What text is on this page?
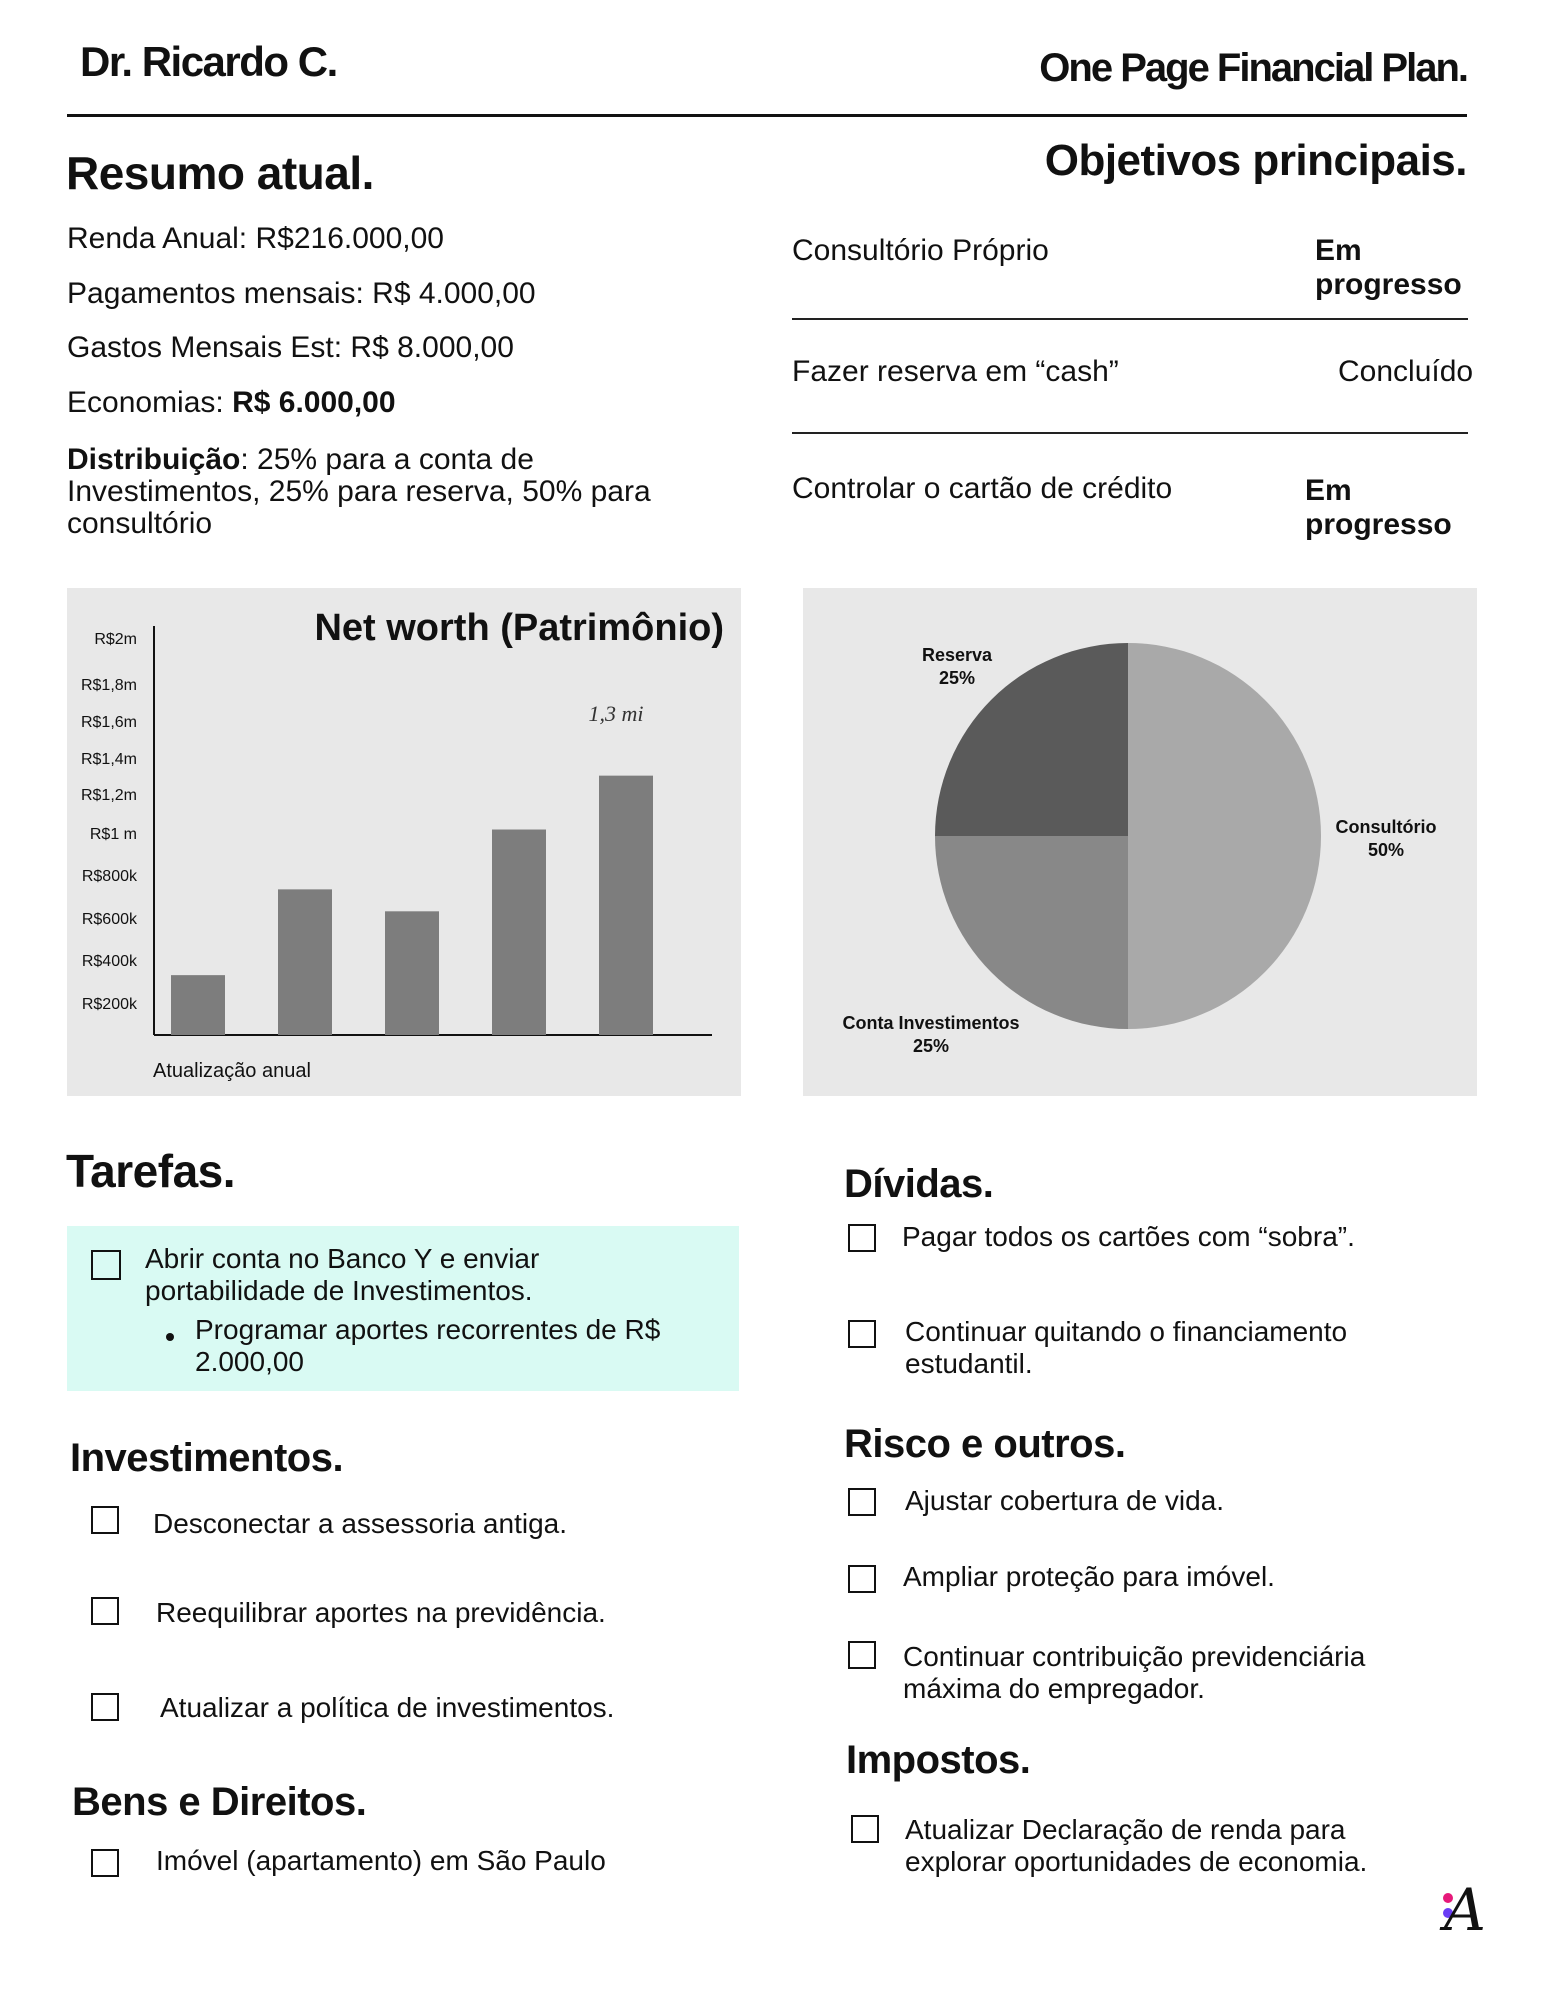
Dr. Ricardo C.	One Page Financial Plan.
Resumo atual.
Renda Anual: R$216.000,00
Pagamentos mensais: R$ 4.000,00
Gastos Mensais Est: R$ 8.000,00
Economias: R$ 6.000,00
Distribuição: 25% para a conta de
Investimentos, 25% para reserva, 50% para
consultório
Objetivos principais.
Consultório Próprio	Em
progresso
Fazer reserva em “cash”	Concluído
Controlar o cartão de crédito	Em
progresso
Net worth (Patrimônio)
R$200k
R$400k
R$600k
R$800k
R$1 m
R$1,2m
R$1,4m
R$1,6m
R$1,8m
R$2m
1,3 mi
Atualização anual
Reserva
25%
Consultório
50%
Conta Investimentos
25%
Tarefas.
Abrir conta no Banco Y e enviar
portabilidade de Investimentos.
Programar aportes recorrentes de R$
2.000,00
Investimentos.
Desconectar a assessoria antiga.
Reequilibrar aportes na previdência.
Atualizar a política de investimentos.
Bens e Direitos.
Imóvel (apartamento) em São Paulo
Dívidas.
Pagar todos os cartões com “sobra”.
Continuar quitando o financiamento
estudantil.
Risco e outros.
Ajustar cobertura de vida.
Ampliar proteção para imóvel.
Continuar contribuição previdenciária
máxima do empregador.
Impostos.
Atualizar Declaração de renda para
explorar oportunidades de economia.
A
